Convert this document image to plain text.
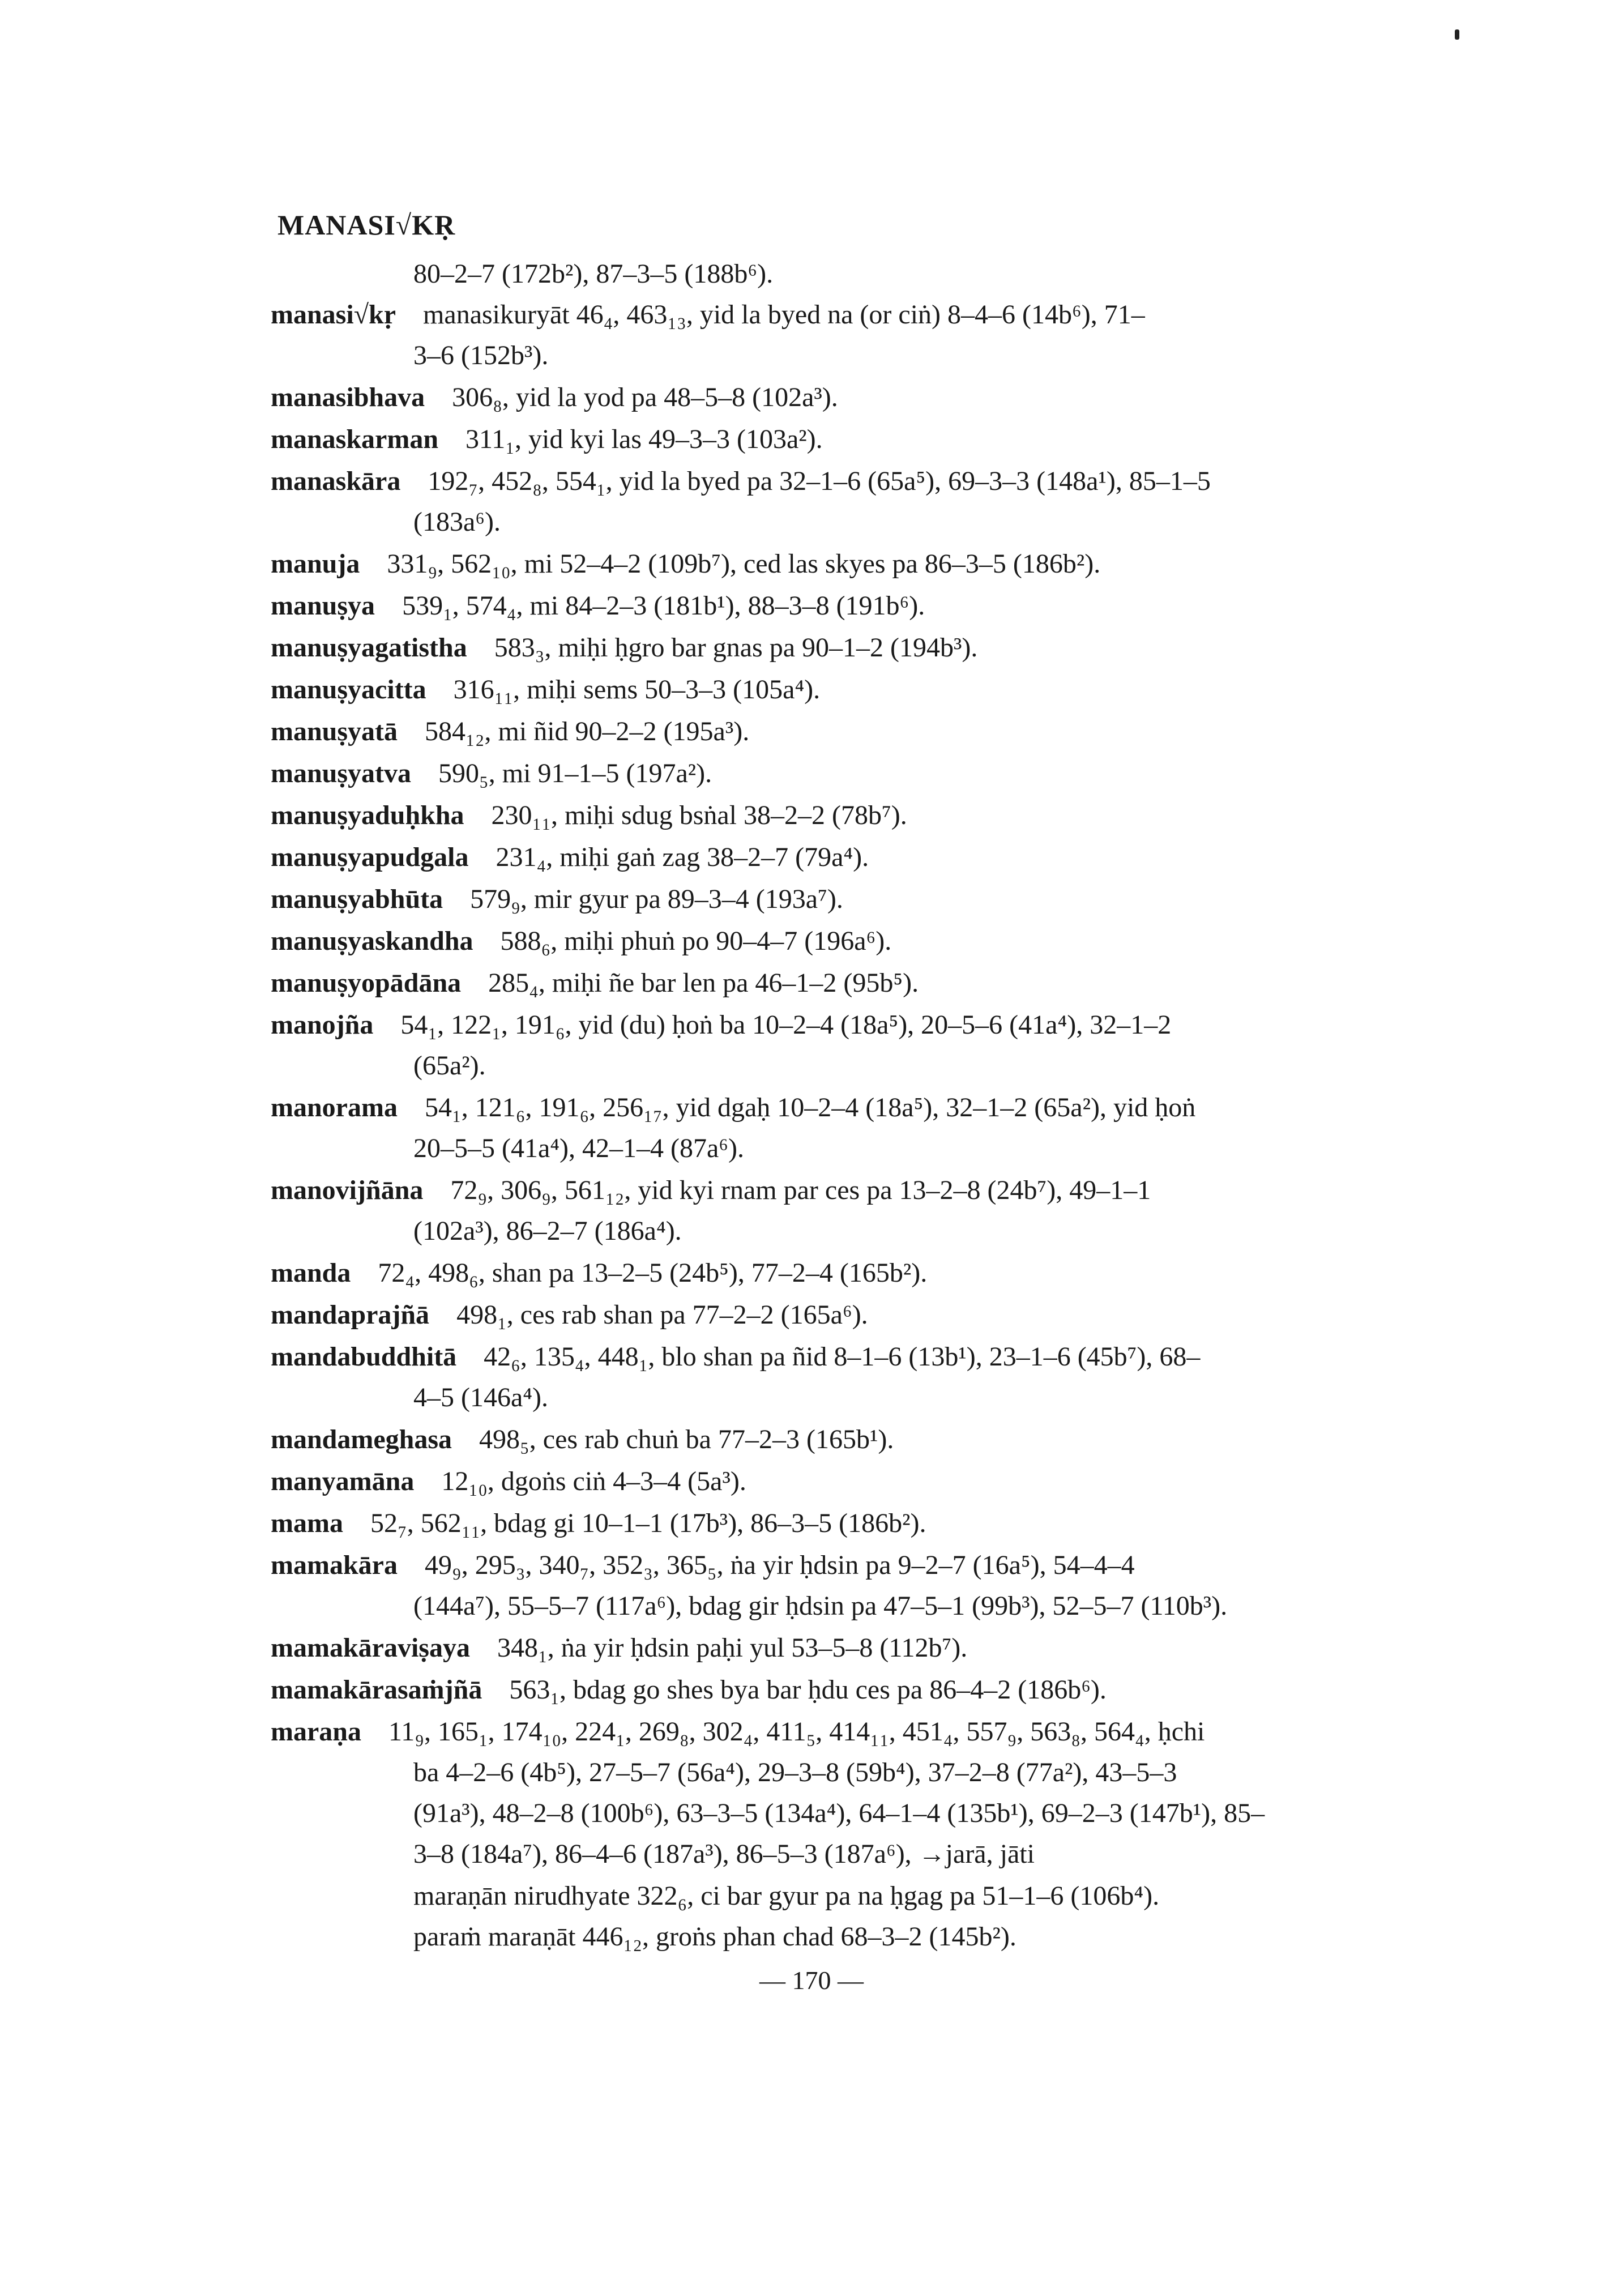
MANASI√KṚ
80–2–7 (172b²), 87–3–5 (188b⁶).
manasi√kṛ  manasikuryāt 46₄, 463₁₃, yid la byed na (or ciṅ) 8–4–6 (14b⁶), 71–
3–6 (152b³).
manasibhava  306₈, yid la yod pa 48–5–8 (102a³).
manaskarman  311₁, yid kyi las 49–3–3 (103a²).
manaskāra  192₇, 452₈, 554₁, yid la byed pa 32–1–6 (65a⁵), 69–3–3 (148a¹), 85–1–5
(183a⁶).
manuja  331₉, 562₁₀, mi 52–4–2 (109b⁷), ced las skyes pa 86–3–5 (186b²).
manuṣya  539₁, 574₄, mi 84–2–3 (181b¹), 88–3–8 (191b⁶).
manuṣyagatistha  583₃, miḥi ḥgro bar gnas pa 90–1–2 (194b³).
manuṣyacitta  316₁₁, miḥi sems 50–3–3 (105a⁴).
manuṣyatā  584₁₂, mi ñid 90–2–2 (195a³).
manuṣyatva  590₅, mi 91–1–5 (197a²).
manuṣyaduḥkha  230₁₁, miḥi sdug bsṅal 38–2–2 (78b⁷).
manuṣyapudgala  231₄, miḥi gaṅ zag 38–2–7 (79a⁴).
manuṣyabhūta  579₉, mir gyur pa 89–3–4 (193a⁷).
manuṣyaskandha  588₆, miḥi phuṅ po 90–4–7 (196a⁶).
manuṣyopādāna  285₄, miḥi ñe bar len pa 46–1–2 (95b⁵).
manojña  54₁, 122₁, 191₆, yid (du) ḥoṅ ba 10–2–4 (18a⁵), 20–5–6 (41a⁴), 32–1–2
(65a²).
manorama  54₁, 121₆, 191₆, 256₁₇, yid dgaḥ 10–2–4 (18a⁵), 32–1–2 (65a²), yid ḥoṅ
20–5–5 (41a⁴), 42–1–4 (87a⁶).
manovijñāna  72₉, 306₉, 561₁₂, yid kyi rnam par ces pa 13–2–8 (24b⁷), 49–1–1
(102a³), 86–2–7 (186a⁴).
manda  72₄, 498₆, shan pa 13–2–5 (24b⁵), 77–2–4 (165b²).
mandaprajñā  498₁, ces rab shan pa 77–2–2 (165a⁶).
mandabuddhitā  42₆, 135₄, 448₁, blo shan pa ñid 8–1–6 (13b¹), 23–1–6 (45b⁷), 68–
4–5 (146a⁴).
mandameghasa  498₅, ces rab chuṅ ba 77–2–3 (165b¹).
manyamāna  12₁₀, dgoṅs ciṅ 4–3–4 (5a³).
mama  52₇, 562₁₁, bdag gi 10–1–1 (17b³), 86–3–5 (186b²).
mamakāra  49₉, 295₃, 340₇, 352₃, 365₅, ṅa yir ḥdsin pa 9–2–7 (16a⁵), 54–4–4
(144a⁷), 55–5–7 (117a⁶), bdag gir ḥdsin pa 47–5–1 (99b³), 52–5–7 (110b³).
mamakāraviṣaya  348₁, ṅa yir ḥdsin paḥi yul 53–5–8 (112b⁷).
mamakārasaṁjñā  563₁, bdag go shes bya bar ḥdu ces pa 86–4–2 (186b⁶).
maraṇa  11₉, 165₁, 174₁₀, 224₁, 269₈, 302₄, 411₅, 414₁₁, 451₄, 557₉, 563₈, 564₄, ḥchi
ba 4–2–6 (4b⁵), 27–5–7 (56a⁴), 29–3–8 (59b⁴), 37–2–8 (77a²), 43–5–3
(91a³), 48–2–8 (100b⁶), 63–3–5 (134a⁴), 64–1–4 (135b¹), 69–2–3 (147b¹), 85–
3–8 (184a⁷), 86–4–6 (187a³), 86–5–3 (187a⁶), →jarā, jāti
maraṇān nirudhyate 322₆, ci bar gyur pa na ḥgag pa 51–1–6 (106b⁴).
paraṁ maraṇāt 446₁₂, groṅs phan chad 68–3–2 (145b²).
— 170 —
